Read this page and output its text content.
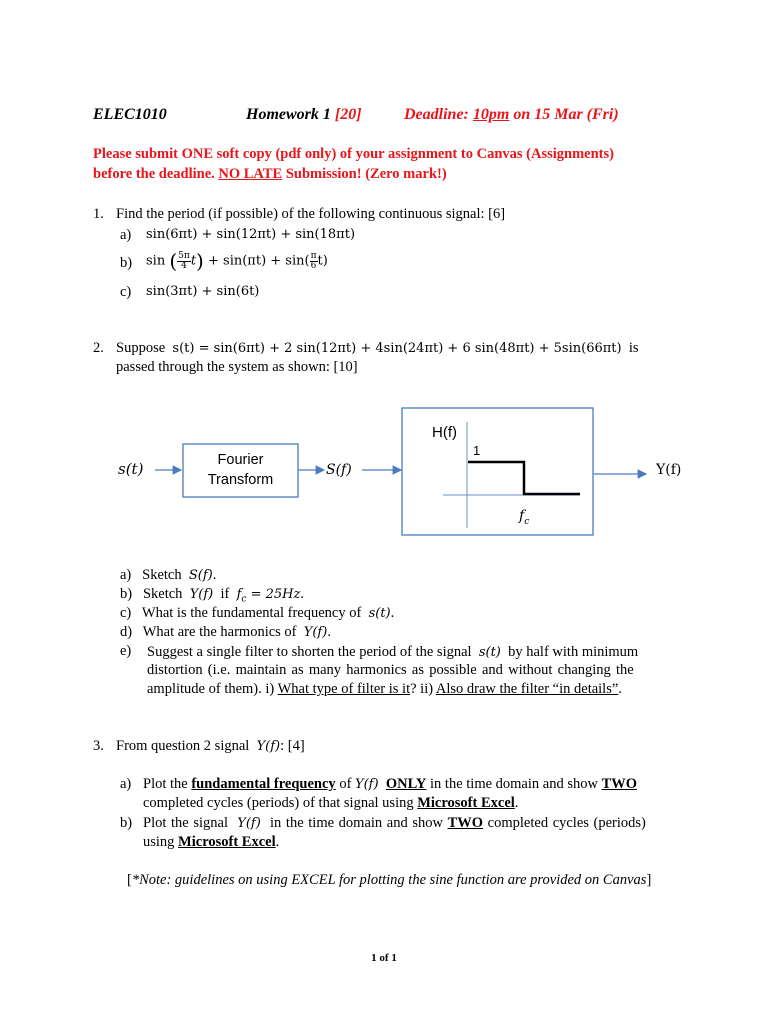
ELEC1010	Homework 1 [20]	Deadline: 10pm on 15 Mar (Fri)
Please submit ONE soft copy (pdf only) of your assignment to Canvas (Assignments)
before the deadline. NO LATE Submission! (Zero mark!)
1. Find the period (if possible) of the following continuous signal: [6]
a) sin(6πt) + sin(12πt) + sin(18πt)
b) sin ( $\frac{5\pi}{4} t) + \sin(\pi t) + \sin( \frac{\pi}{6} t)$
c) sin(3πt) + sin(6t)
2. Suppose s(t) = sin(6πt) + 2 sin(12πt) + 4sin(24πt) + 6 sin(48πt) + 5sin(66πt) is
passed through the system as shown: [10]
s(t)	Fourier
Transform
S(f)
H(f)
1
$f_c$
Y(f)
a) Sketch S(f).
b) Sketch Y(f) if $f_c = 25Hz$.
c) What is the fundamental frequency of s(t).
d) What are the harmonics of Y(f).
e) Suggest a single filter to shorten the period of the signal s(t) by half with minimum
distortion (i.e. maintain as many harmonics as possible and without changing the
amplitude of them). i) What type of filter is it? ii) Also draw the filter “in details”.
3. From question 2 signal Y(f): [4]
a) Plot the fundamental frequency of Y(f) ONLY in the time domain and show TWO
completed cycles (periods) of that signal using Microsoft Excel.
b) Plot the signal Y(f) in the time domain and show TWO completed cycles (periods)
using Microsoft Excel.
[*Note: guidelines on using EXCEL for plotting the sine function are provided on Canvas]
1 of 1
